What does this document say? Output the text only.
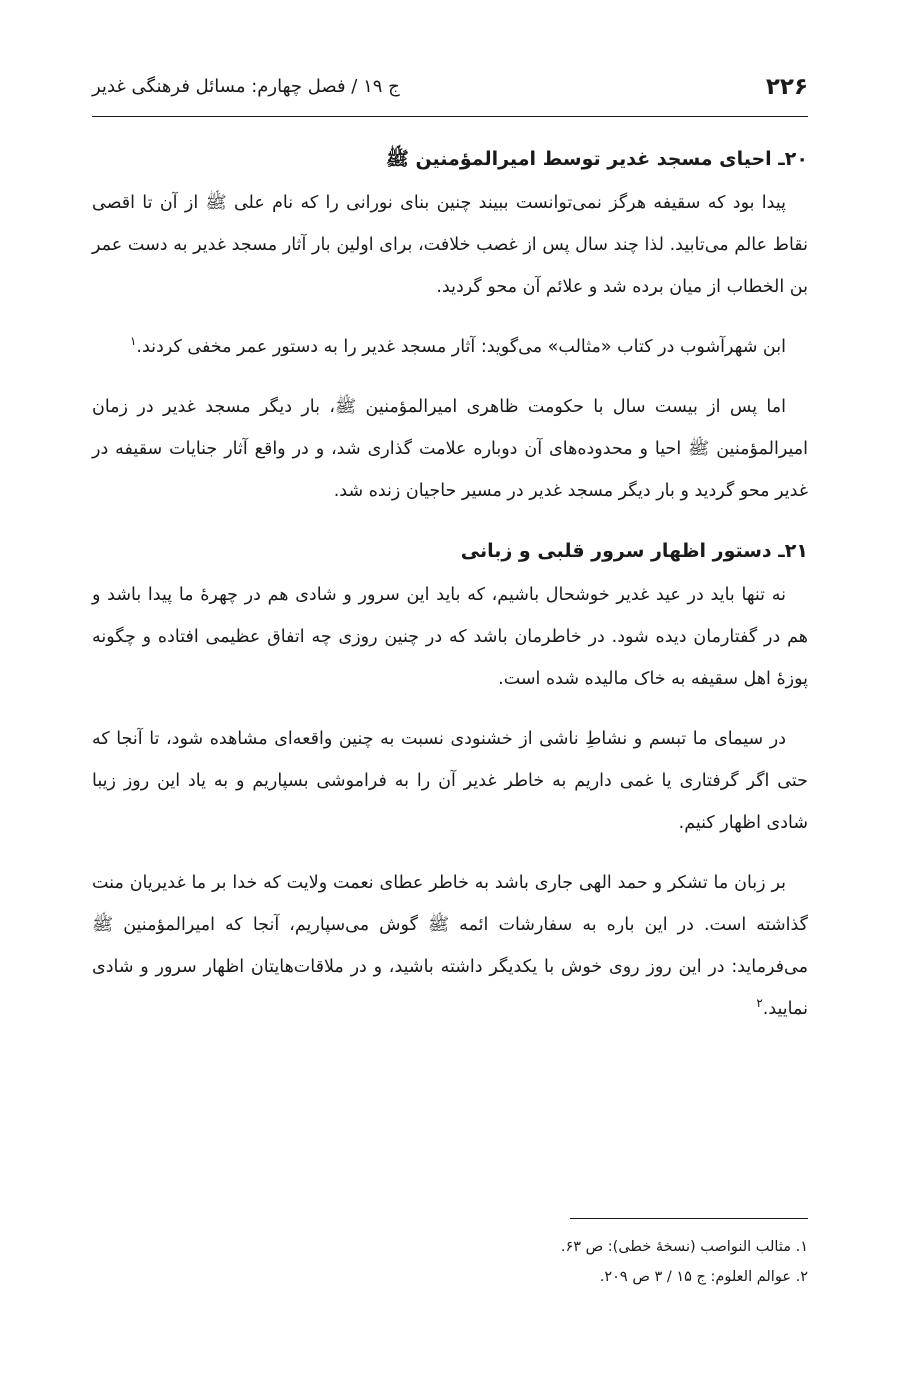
۲۲۶
ج ۱۹ / فصل چهارم: مسائل فرهنگی غدیر
۲۰ـ احیای مسجد غدیر توسط امیرالمؤمنین ﷺ

پیدا بود که سقیفه هرگز نمی‌توانست ببیند چنین بنای نورانی را که نام علی ﷺ از آن تا اقصی نقاط عالم می‌تابید. لذا چند سال پس از غصب خلافت، برای اولین بار آثار مسجد غدیر به دست عمر بن الخطاب از میان برده شد و علائم آن محو گردید.

ابن شهرآشوب در کتاب «مثالب» می‌گوید: آثار مسجد غدیر را به دستور عمر مخفی کردند.$^۱$

اما پس از بیست سال با حکومت ظاهری امیرالمؤمنین ﷺ، بار دیگر مسجد غدیر در زمان امیرالمؤمنین ﷺ احیا و محدوده‌های آن دوباره علامت گذاری شد، و در واقع آثار جنایات سقیفه در غدیر محو گردید و بار دیگر مسجد غدیر در مسیر حاجیان زنده شد.

۲۱ـ دستور اظهار سرور قلبی و زبانی

نه تنها باید در عید غدیر خوشحال باشیم، که باید این سرور و شادی هم در چهرهٔ ما پیدا باشد و هم در گفتارمان دیده شود. در خاطرمان باشد که در چنین روزی چه اتفاق عظیمی افتاده و چگونه پوزهٔ اهل سقیفه به خاک مالیده شده است.

در سیمای ما تبسم و نشاطِ ناشی از خشنودی نسبت به چنین واقعه‌ای مشاهده شود، تا آنجا که حتی اگر گرفتاری یا غمی داریم به خاطر غدیر آن را به فراموشی بسپاریم و به یاد این روز زیبا شادی اظهار کنیم.

بر زبان ما تشکر و حمد الهی جاری باشد به خاطر عطای نعمت ولایت که خدا بر ما غدیریان منت گذاشته است. در این باره به سفارشات ائمه ﷺ گوش می‌سپاریم، آنجا که امیرالمؤمنین ﷺ می‌فرماید: در این روز روی خوش با یکدیگر داشته باشید، و در ملاقات‌هایتان اظهار سرور و شادی نمایید.$^۲$

۱. مثالب النواصب (نسخهٔ خطی): ص ۶۳.
۲. عوالم العلوم: ج ۱۵ / ۳ ص ۲۰۹.
